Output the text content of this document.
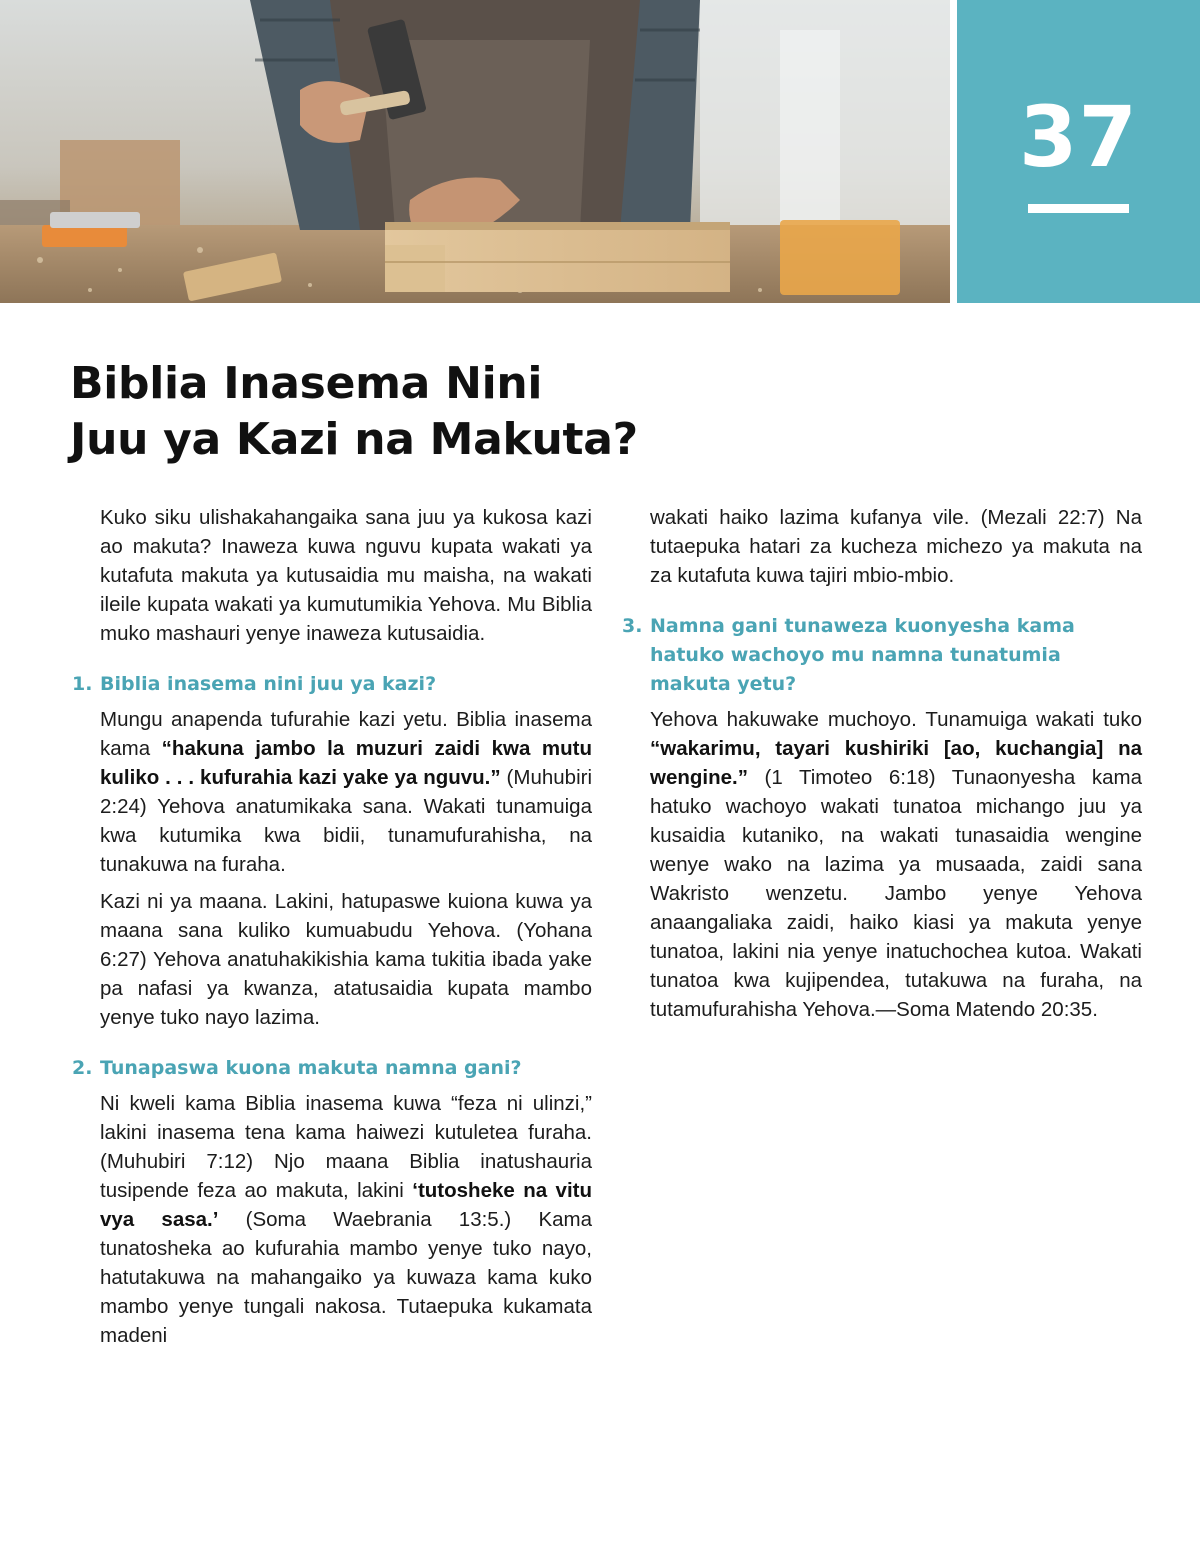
37
Biblia Inasema Nini
Juu ya Kazi na Makuta?

Kuko siku ulishakahangaika sana juu ya kukosa kazi ao makuta? Inaweza kuwa nguvu kupata wakati ya kutafuta makuta ya kutusaidia mu maisha, na wakati ileile kupata wakati ya kumutumikia Yehova. Mu Biblia muko mashauri yenye inaweza kutusaidia.

1. Biblia inasema nini juu ya kazi?

Mungu anapenda tufurahie kazi yetu. Biblia inasema kama “hakuna jambo la muzuri zaidi kwa mutu kuliko . . . kufurahia kazi yake ya nguvu.” (Muhubiri 2:24) Yehova anatumikaka sana. Wakati tunamuiga kwa kutumika kwa bidii, tunamufurahisha, na tunakuwa na furaha.

Kazi ni ya maana. Lakini, hatupaswe kuiona kuwa ya maana sana kuliko kumuabudu Yehova. (Yohana 6:27) Yehova anatuhakikishia kama tukitia ibada yake pa nafasi ya kwanza, atatusaidia kupata mambo yenye tuko nayo lazima.

2. Tunapaswa kuona makuta namna gani?

Ni kweli kama Biblia inasema kuwa “feza ni ulinzi,” lakini inasema tena kama haiwezi kutuletea furaha. (Muhubiri 7:12) Njo maana Biblia inatushauria tusipende feza ao makuta, lakini ‘tutosheke na vitu vya sasa.’ (Soma Waebrania 13:5.) Kama tunatosheka ao kufurahia mambo yenye tuko nayo, hatutakuwa na mahangaiko ya kuwaza kama kuko mambo yenye tungali nakosa. Tutaepuka kukamata madeni

wakati haiko lazima kufanya vile. (Mezali 22:7) Na tutaepuka hatari za kucheza michezo ya makuta na za kutafuta kuwa tajiri mbio-mbio.

3. Namna gani tunaweza kuonyesha kama hatuko wachoyo mu namna tunatumia makuta yetu?

Yehova hakuwake muchoyo. Tunamuiga wakati tuko “wakarimu, tayari kushiriki [ao, kuchangia] na wengine.” (1 Timoteo 6:18) Tunaonyesha kama hatuko wachoyo wakati tunatoa michango juu ya kusaidia kutaniko, na wakati tunasaidia wengine wenye wako na lazima ya musaada, zaidi sana Wakristo wenzetu. Jambo yenye Yehova anaangaliaka zaidi, haiko kiasi ya makuta yenye tunatoa, lakini nia yenye inatuchochea kutoa. Wakati tunatoa kwa kujipendea, tutakuwa na furaha, na tutamufurahisha Yehova.—Soma Matendo 20:35.
